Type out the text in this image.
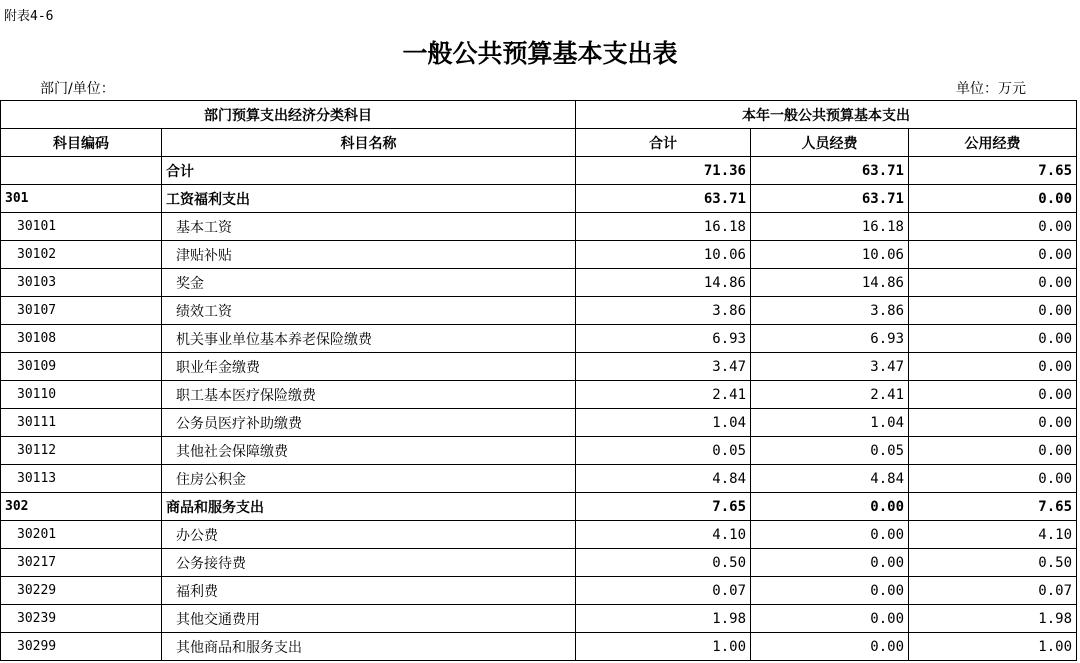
附表4-6
一般公共预算基本支出表
部门/单位：	单位：万元
部门预算支出经济分类科目		本年一般公共预算基本支出		
科目编码	科目名称	合计	人员经费	公用经费
	合计	71.36	63.71	7.65
301	工资福利支出	63.71	63.71	0.00
30101	基本工资	16.18	16.18	0.00
30102	津贴补贴	10.06	10.06	0.00
30103	奖金	14.86	14.86	0.00
30107	绩效工资	3.86	3.86	0.00
30108	机关事业单位基本养老保险缴费	6.93	6.93	0.00
30109	职业年金缴费	3.47	3.47	0.00
30110	职工基本医疗保险缴费	2.41	2.41	0.00
30111	公务员医疗补助缴费	1.04	1.04	0.00
30112	其他社会保障缴费	0.05	0.05	0.00
30113	住房公积金	4.84	4.84	0.00
302	商品和服务支出	7.65	0.00	7.65
30201	办公费	4.10	0.00	4.10
30217	公务接待费	0.50	0.00	0.50
30229	福利费	0.07	0.00	0.07
30239	其他交通费用	1.98	0.00	1.98
30299	其他商品和服务支出	1.00	0.00	1.00
